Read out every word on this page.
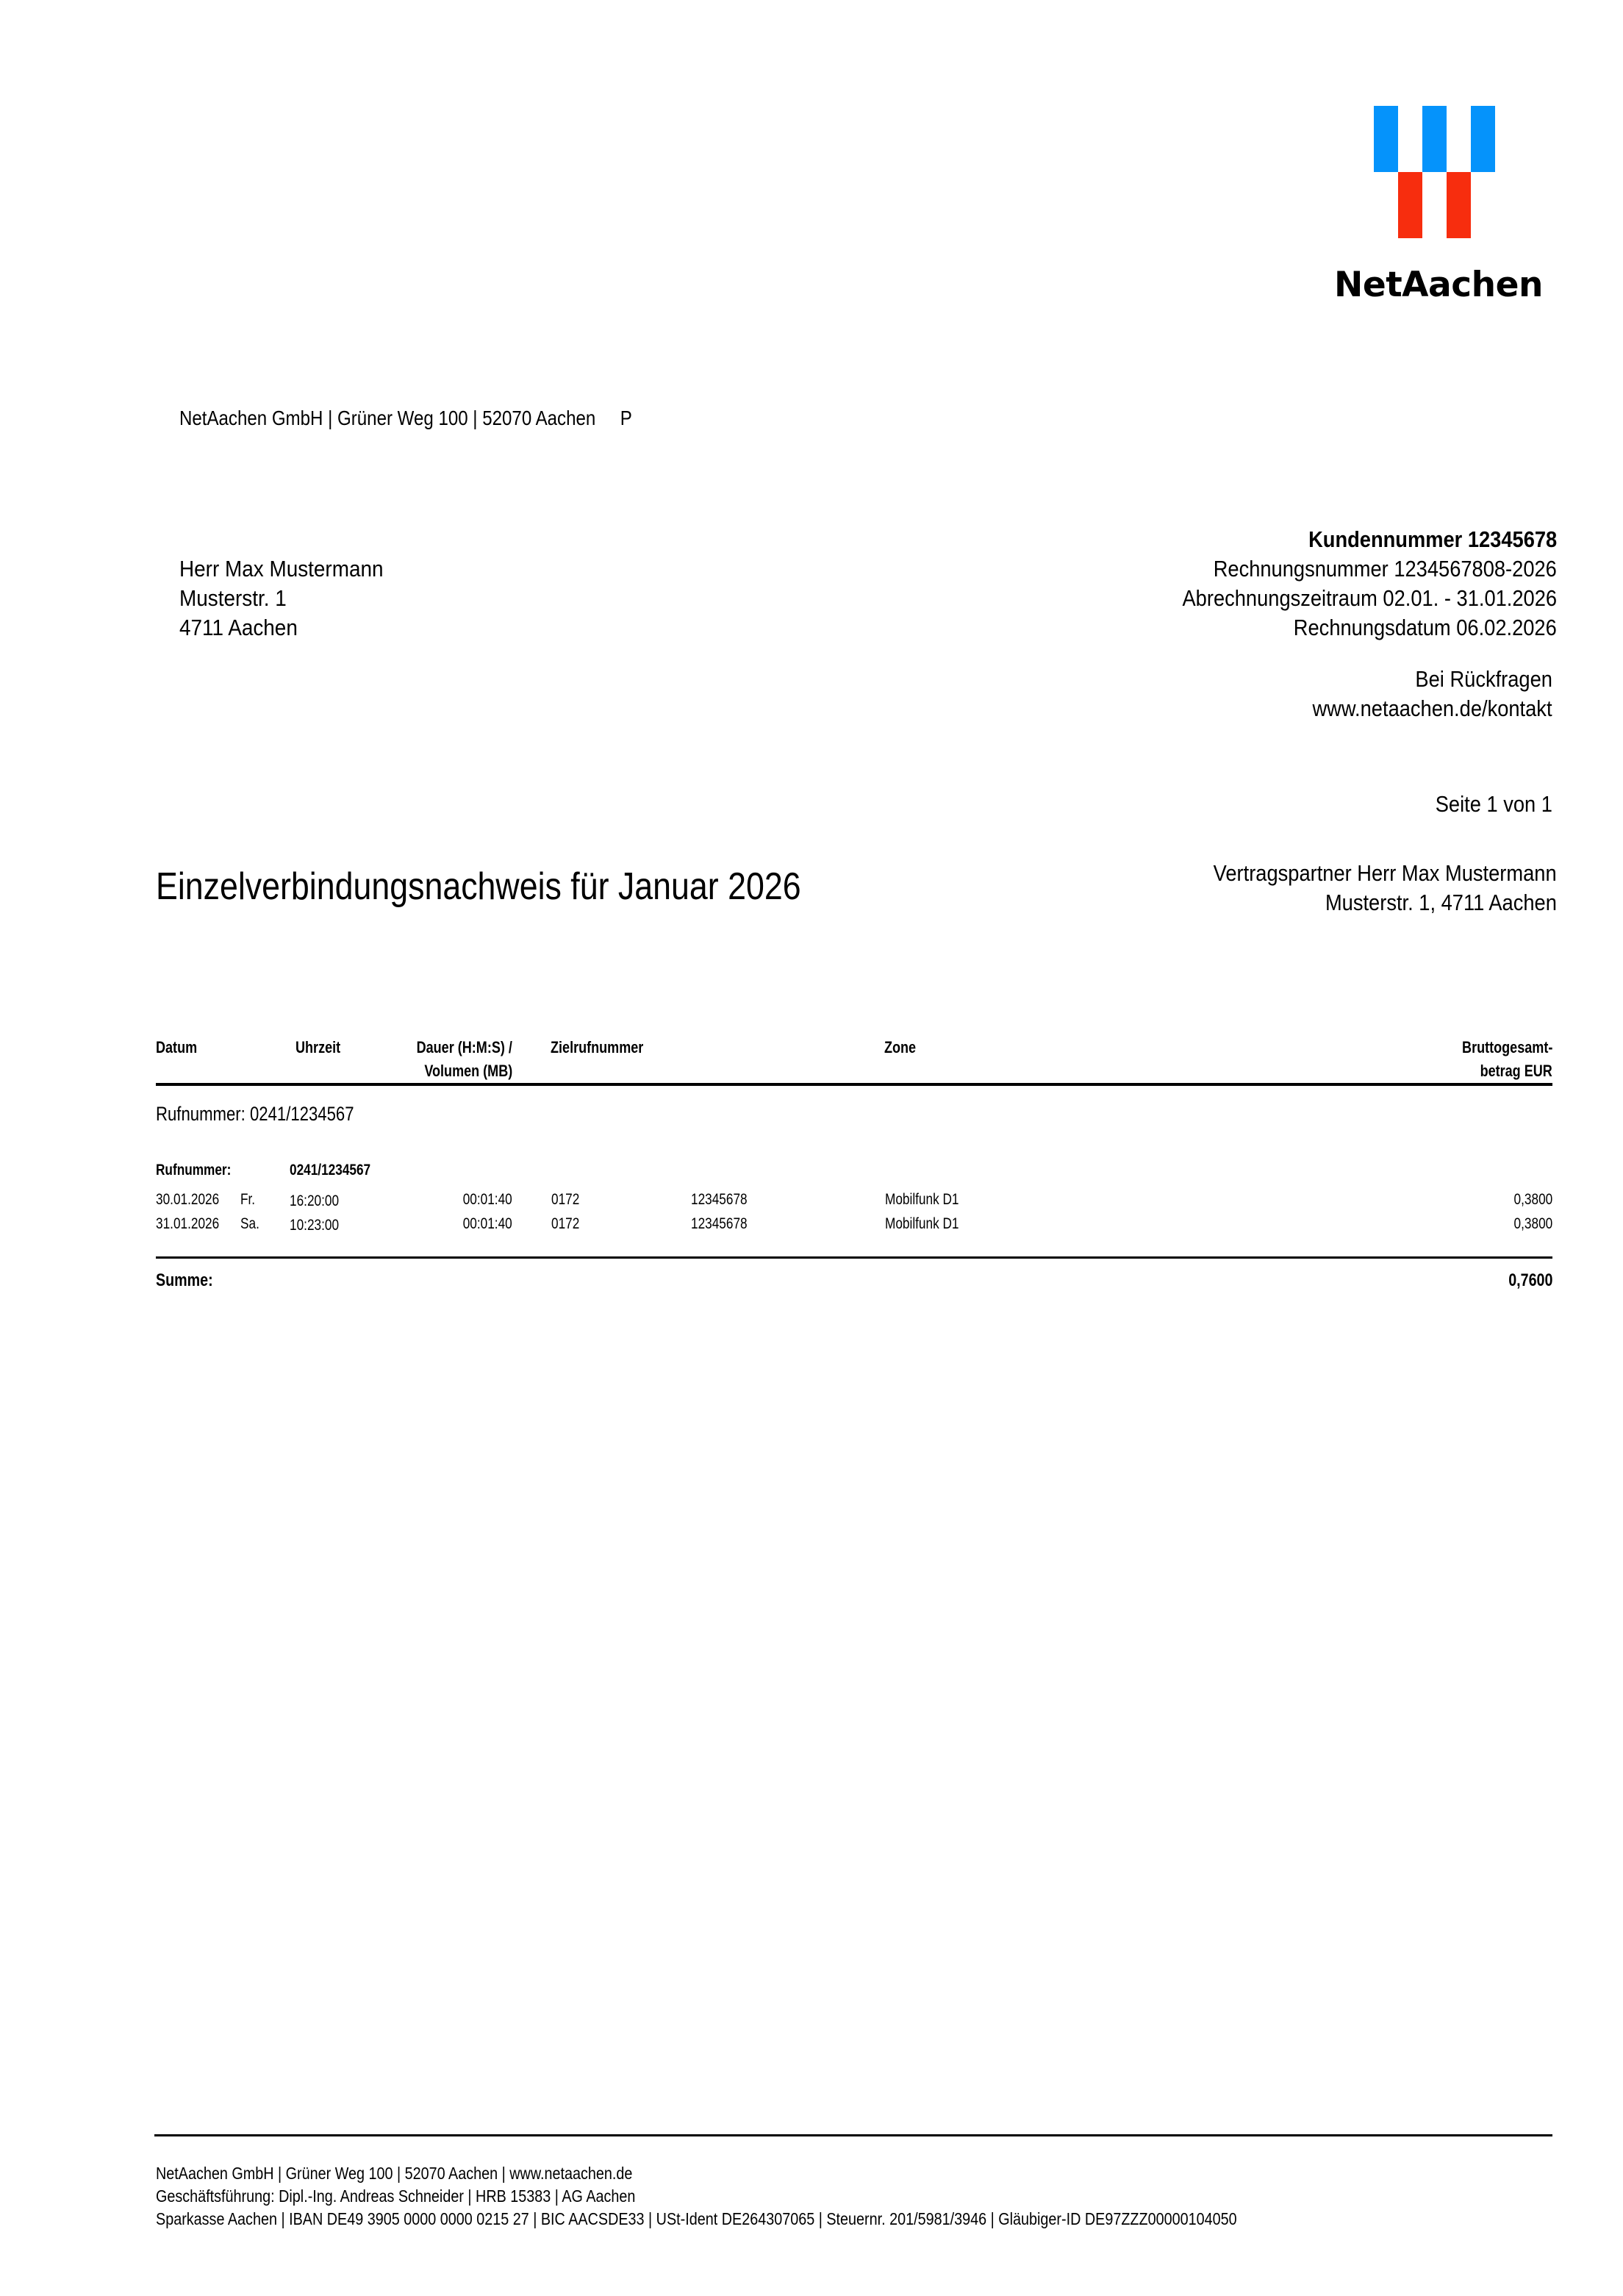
NetAachen
NetAachen GmbH | Grüner Weg 100 | 52070 Aachen     P
Herr Max Mustermann
Musterstr. 1
4711 Aachen
Kundennummer 12345678
Rechnungsnummer 1234567808-2026
Abrechnungszeitraum 02.01. - 31.01.2026
Rechnungsdatum 06.02.2026
Bei Rückfragen
www.netaachen.de/kontakt
Seite 1 von 1
Einzelverbindungsnachweis für Januar 2026	Vertragspartner Herr Max Mustermann
Musterstr. 1, 4711 Aachen
Datum	Uhrzeit	Dauer (H:M:S) /
Volumen (MB)
Zielrufnummer	Zone	Bruttogesamt-
betrag EUR
Rufnummer: 0241/1234567
Rufnummer:	0241/1234567
30.01.2026	Fr. 16:20:00	00:01:40	0172	12345678	Mobilfunk D1	0,3800
31.01.2026	Sa. 10:23:00	00:01:40	0172	12345678	Mobilfunk D1	0,3800
Summe:	0,7600
NetAachen GmbH | Grüner Weg 100 | 52070 Aachen | www.netaachen.de
Geschäftsführung: Dipl.-Ing. Andreas Schneider | HRB 15383 | AG Aachen
Sparkasse Aachen | IBAN DE49 3905 0000 0000 0215 27 | BIC AACSDE33 | USt-Ident DE264307065 | Steuernr. 201/5981/3946 | Gläubiger-ID DE97ZZZ00000104050
